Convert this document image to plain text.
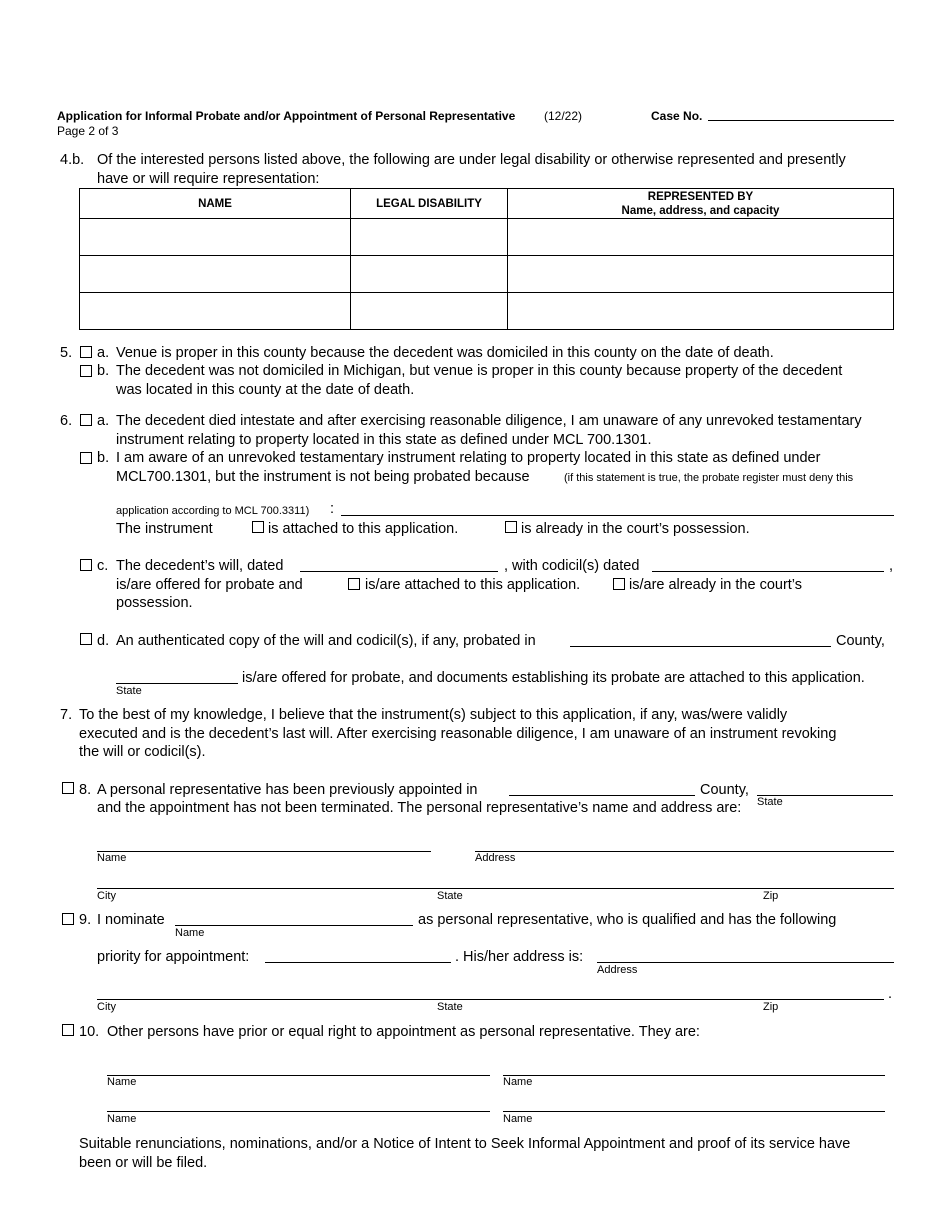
Application for Informal Probate and/or Appointment of Personal Representative (12/22)
Page 2 of 3
Case No.
4.b. Of the interested persons listed above, the following are under legal disability or otherwise represented and presently
have or will require representation:
NAME	LEGAL DISABILITY	REPRESENTED BY
Name, address, and capacity

5. a. Venue is proper in this county because the decedent was domiciled in this county on the date of death.
b. The decedent was not domiciled in Michigan, but venue is proper in this county because property of the decedent
was located in this county at the date of death.
6. a. The decedent died intestate and after exercising reasonable diligence, I am unaware of any unrevoked testamentary
instrument relating to property located in this state as defined under MCL 700.1301.
b. I am aware of an unrevoked testamentary instrument relating to property located in this state as defined under
MCL700.1301, but the instrument is not being probated because	(if this statement is true, the probate register must deny this
application according to MCL 700.3311) :
The instrument	is attached to this application.	is already in the court’s possession.
c. The decedent’s will, dated	, with codicil(s) dated	,
is/are offered for probate and	is/are attached to this application.	is/are already in the court’s
possession.
d. An authenticated copy of the will and codicil(s), if any, probated in	County,
is/are offered for probate, and documents establishing its probate are attached to this application.
State
7. To the best of my knowledge, I believe that the instrument(s) subject to this application, if any, was/were validly
executed and is the decedent’s last will. After exercising reasonable diligence, I am unaware of an instrument revoking
the will or codicil(s).
8. A personal representative has been previously appointed in	County,
State
and the appointment has not been terminated. The personal representative’s name and address are:
Name	Address
City	State	Zip
9. I nominate
Name
as personal representative, who is qualified and has the following
priority for appointment:	. His/her address is:
Address
.
City	State	Zip
10. Other persons have prior or equal right to appointment as personal representative. They are:
Name	Name
Name	Name
Suitable renunciations, nominations, and/or a Notice of Intent to Seek Informal Appointment and proof of its service have
been or will be filed.
